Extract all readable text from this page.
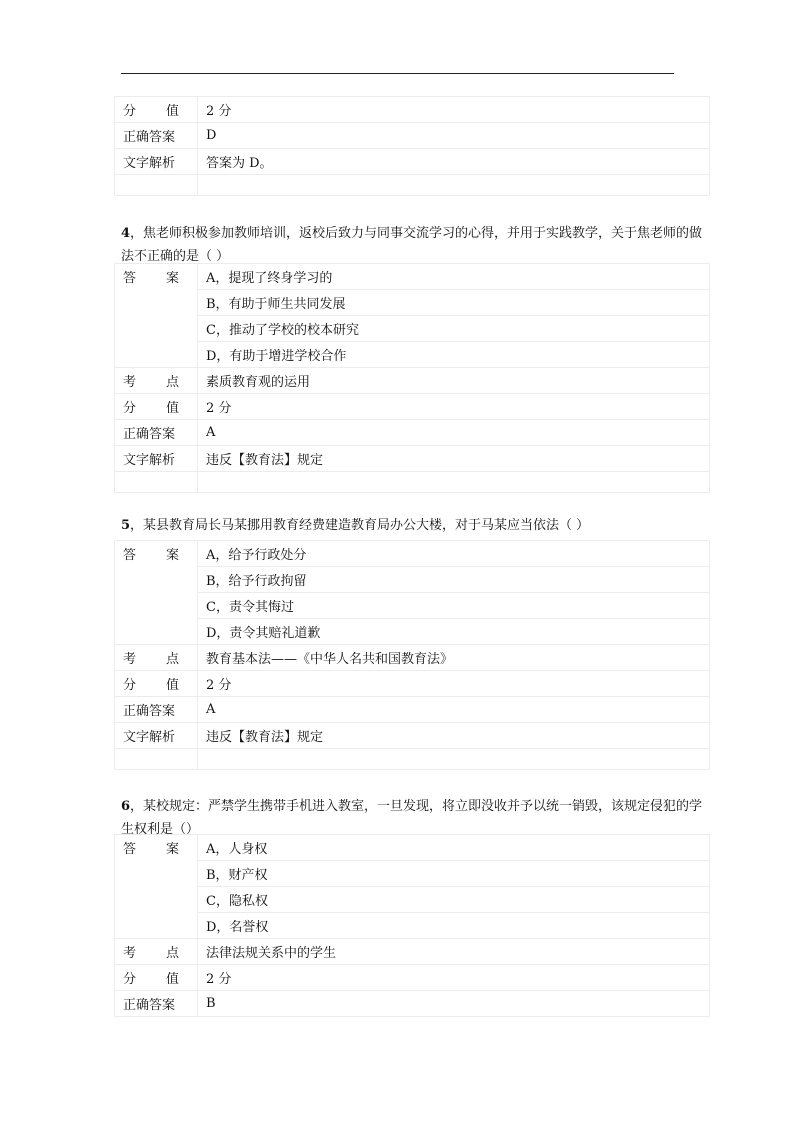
分 值	2 分
正确答案	D
文字解析	答案为 D。

4，焦老师积极参加教师培训，返校后致力与同事交流学习的心得，并用于实践教学，关于焦老师的做法不正确的是（ ）
答 案	A，提现了终身学习的
	B，有助于师生共同发展
	C，推动了学校的校本研究
	D，有助于增进学校合作

考 点	素质教育观的运用

分 值	2 分
正确答案	A
文字解析	违反【教育法】规定

5，某县教育局长马某挪用教育经费建造教育局办公大楼，对于马某应当依法（ ）
答 案	A，给予行政处分
	B，给予行政拘留
	C，责令其悔过
	D，责令其赔礼道歉

考 点	教育基本法——《中华人名共和国教育法》

分 值	2 分
正确答案	A
文字解析	违反【教育法】规定

6，某校规定：严禁学生携带手机进入教室，一旦发现，将立即没收并予以统一销毁，该规定侵犯的学生权利是（）
答 案	A，人身权
	B，财产权
	C，隐私权
	D，名誉权

考 点	法律法规关系中的学生

分 值	2 分
正确答案	B
